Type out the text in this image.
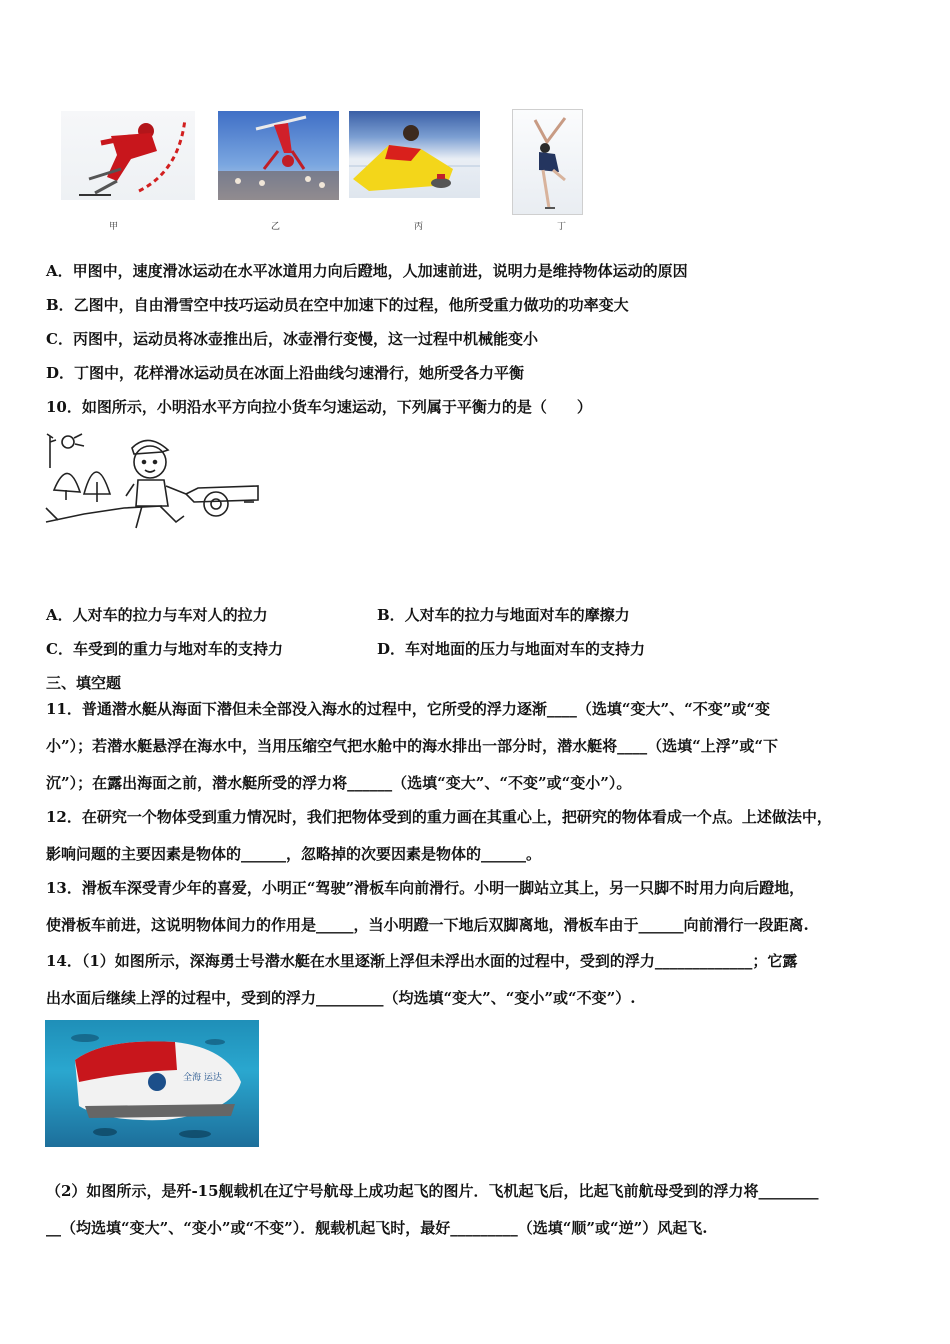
甲	乙	丙	丁
A．甲图中，速度滑冰运动在水平冰道用力向后蹬地，人加速前进，说明力是维持物体运动的原因
B．乙图中，自由滑雪空中技巧运动员在空中加速下的过程，他所受重力做功的功率变大
C．丙图中，运动员将冰壶推出后，冰壶滑行变慢，这一过程中机械能变小
D．丁图中，花样滑冰运动员在冰面上沿曲线匀速滑行，她所受各力平衡
10．如图所示，小明沿水平方向拉小货车匀速运动，下列属于平衡力的是（　　）
A．人对车的拉力与车对人的拉力	B．人对车的拉力与地面对车的摩擦力
C．车受到的重力与地对车的支持力	D．车对地面的压力与地面对车的支持力
三、填空题
11．普通潜水艇从海面下潜但未全部没入海水的过程中，它所受的浮力逐渐____（选填“变大”、“不变”或“变
小”）；若潜水艇悬浮在海水中，当用压缩空气把水舱中的海水排出一部分时，潜水艇将____（选填“上浮”或“下
沉”）；在露出海面之前，潜水艇所受的浮力将______（选填“变大”、“不变”或“变小”）。
12．在研究一个物体受到重力情况时，我们把物体受到的重力画在其重心上，把研究的物体看成一个点。上述做法中，
影响问题的主要因素是物体的______，忽略掉的次要因素是物体的______。
13．滑板车深受青少年的喜爱，小明正“驾驶”滑板车向前滑行。小明一脚站立其上，另一只脚不时用力向后蹬地，
使滑板车前进，这说明物体间力的作用是_____，当小明蹬一下地后双脚离地，滑板车由于______向前滑行一段距离.
14．（1）如图所示，深海勇士号潜水艇在水里逐渐上浮但未浮出水面的过程中，受到的浮力_____________；它露
出水面后继续上浮的过程中，受到的浮力_________（均选填“变大”、“变小”或“不变”）.
全海 运达
（2）如图所示，是歼-15舰载机在辽宁号航母上成功起飞的图片．飞机起飞后，比起飞前航母受到的浮力将________
__（均选填“变大”、“变小”或“不变”）．舰载机起飞时，最好_________（选填“顺”或“逆”）风起飞.
